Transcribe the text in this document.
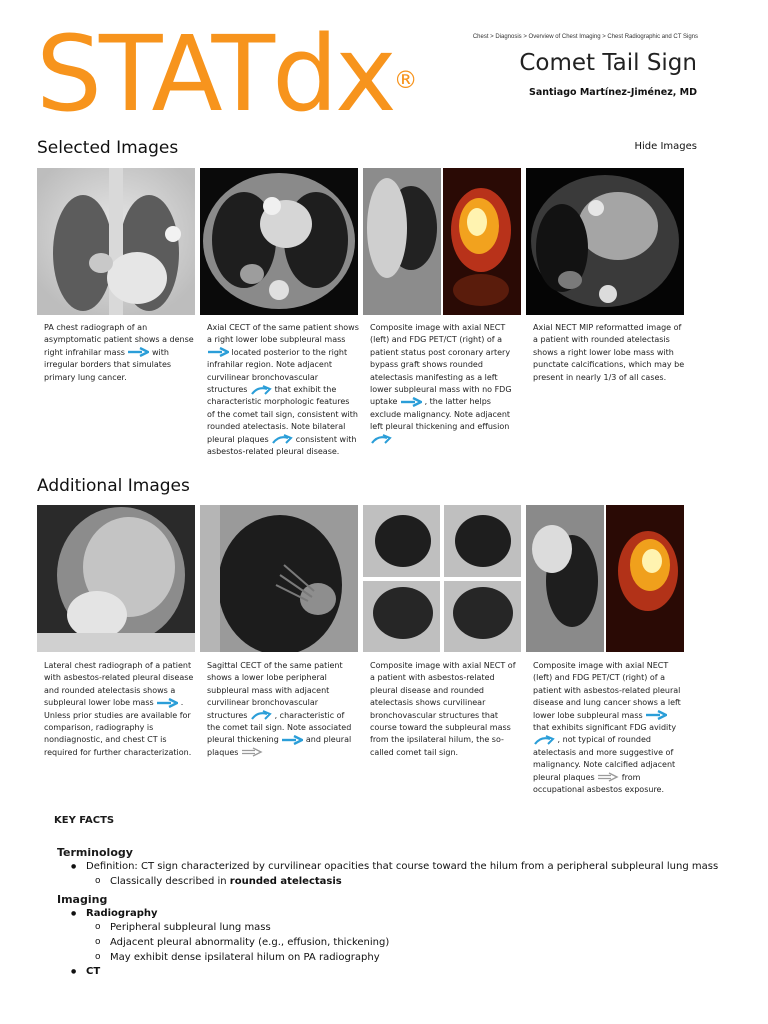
STATdx®
Chest > Diagnosis > Overview of Chest Imaging > Chest Radiographic and CT Signs
Comet Tail Sign
Santiago Martínez-Jiménez, MD
Selected Images	Hide Images
PA chest radiograph of an asymptomatic patient shows a dense right infrahilar mass	with irregular borders that simulates primary lung cancer.
Axial CECT of the same patient shows a right lower lobe subpleural mass
located posterior to the right infrahilar region. Note adjacent curvilinear bronchovascular structures	that exhibit the characteristic morphologic features of the comet tail sign, consistent with rounded atelectasis. Note bilateral pleural plaques	consistent with asbestos-related pleural disease.
Composite image with axial NECT (left) and FDG PET/CT (right) of a patient status post coronary artery bypass graft shows rounded atelectasis manifesting as a left lower subpleural mass with no FDG uptake	, the latter helps exclude malignancy. Note adjacent left pleural thickening and effusion
Axial NECT MIP reformatted image of a patient with rounded atelectasis shows a right lower lobe mass with punctate calcifications, which may be present in nearly 1/3 of all cases.
Additional Images
Lateral chest radiograph of a patient with asbestos-related pleural disease and rounded atelectasis shows a subpleural lower lobe mass	. Unless prior studies are available for comparison, radiography is nondiagnostic, and chest CT is required for further characterization.
Sagittal CECT of the same patient shows a lower lobe peripheral subpleural mass with adjacent curvilinear bronchovascular structures	, characteristic of the comet tail sign. Note associated pleural thickening	and pleural plaques
Composite image with axial NECT of a patient with asbestos-related pleural disease and rounded atelectasis shows curvilinear bronchovascular structures that course toward the subpleural mass from the ipsilateral hilum, the so-called comet tail sign.
Composite image with axial NECT (left) and FDG PET/CT (right) of a patient with asbestos-related pleural disease and lung cancer shows a left lower lobe subpleural mass
that exhibits significant FDG avidity
, not typical of rounded atelectasis and more suggestive of malignancy. Note calcified adjacent pleural plaques	from occupational asbestos exposure.
KEY FACTS
Terminology
● Definition: CT sign characterized by curvilinear opacities that course toward the hilum from a peripheral subpleural lung mass
o Classically described in rounded atelectasis
Imaging
● Radiography
o Peripheral subpleural lung mass
o Adjacent pleural abnormality (e.g., effusion, thickening)
o May exhibit dense ipsilateral hilum on PA radiography
● CT
